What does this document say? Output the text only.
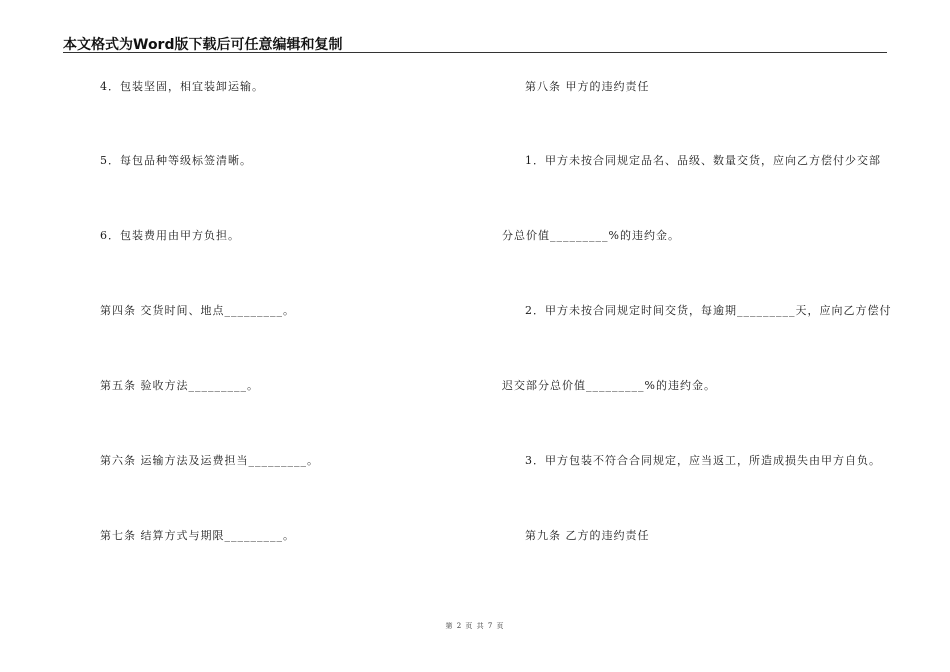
本文格式为Word版下载后可任意编辑和复制
4．包装坚固，相宜装卸运输。
5．每包品种等级标签清晰。
6．包装费用由甲方负担。
第四条 交货时间、地点_________。
第五条 验收方法_________。
第六条 运输方法及运费担当_________。
第七条 结算方式与期限_________。
第八条 甲方的违约责任
1．甲方未按合同规定品名、品级、数量交货，应向乙方偿付少交部
分总价值_________%的违约金。
2．甲方未按合同规定时间交货，每逾期_________天，应向乙方偿付
迟交部分总价值_________%的违约金。
3．甲方包装不符合合同规定，应当返工，所造成损失由甲方自负。
第九条 乙方的违约责任
第 2 页 共 7 页
